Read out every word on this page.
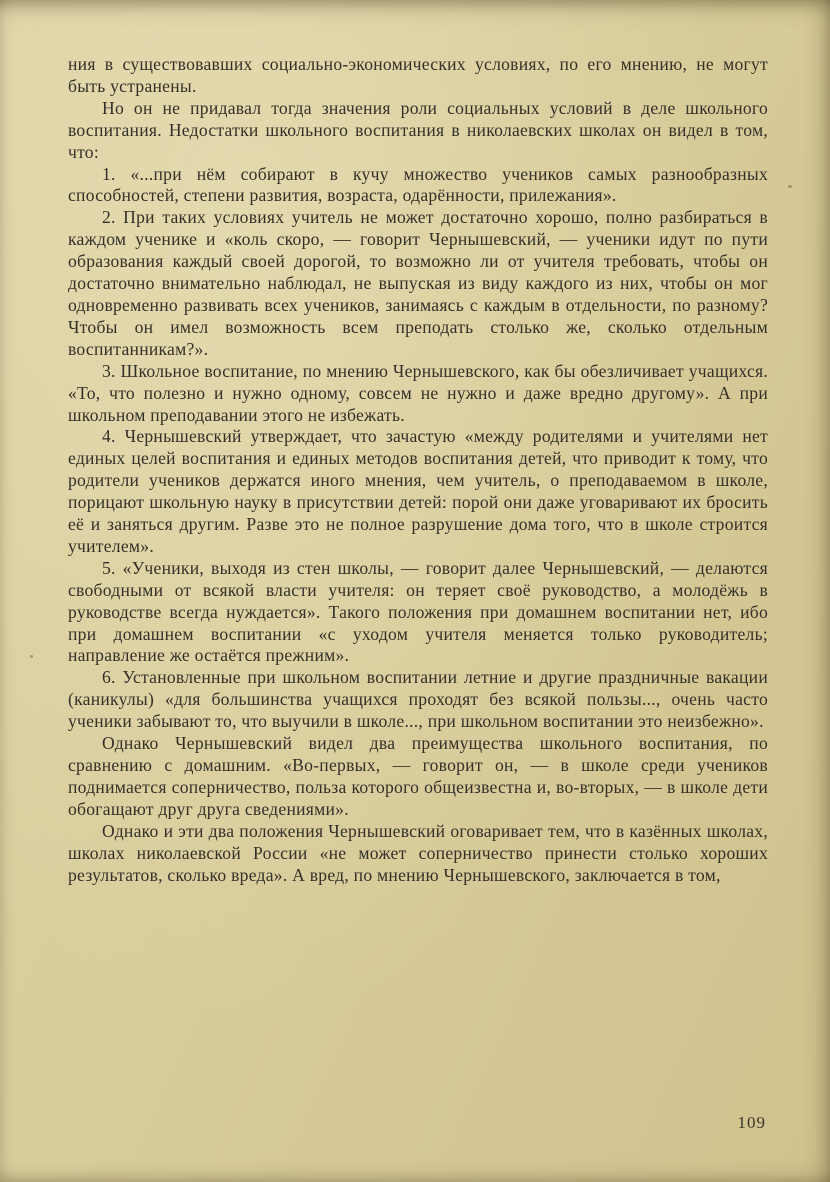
ния в существовавших социально-экономических условиях, по его мнению, не могут быть устранены.

Но он не придавал тогда значения роли социальных условий в деле школьного воспитания. Недостатки школьного воспитания в николаевских школах он видел в том, что:

1. «...при нём собирают в кучу множество учеников самых разнообразных способностей, степени развития, возраста, одарённости, прилежания».

2. При таких условиях учитель не может достаточно хорошо, полно разбираться в каждом ученике и «коль скоро, — говорит Чернышевский, — ученики идут по пути образования каждый своей дорогой, то возможно ли от учителя требовать, чтобы он достаточно внимательно наблюдал, не выпуская из виду каждого из них, чтобы он мог одновременно развивать всех учеников, занимаясь с каждым в отдельности, по разному? Чтобы он имел возможность всем преподать столько же, сколько отдельным воспитанникам?».

3. Школьное воспитание, по мнению Чернышевского, как бы обезличивает учащихся. «То, что полезно и нужно одному, совсем не нужно и даже вредно другому». А при школьном преподавании этого не избежать.

4. Чернышевский утверждает, что зачастую «между родителями и учителями нет единых целей воспитания и единых методов воспитания детей, что приводит к тому, что родители учеников держатся иного мнения, чем учитель, о преподаваемом в школе, порицают школьную науку в присутствии детей: порой они даже уговаривают их бросить её и заняться другим. Разве это не полное разрушение дома того, что в школе строится учителем».

5. «Ученики, выходя из стен школы, — говорит далее Чернышевский, — делаются свободными от всякой власти учителя: он теряет своё руководство, а молодёжь в руководстве всегда нуждается». Такого положения при домашнем воспитании нет, ибо при домашнем воспитании «с уходом учителя меняется только руководитель; направление же остаётся прежним».

6. Установленные при школьном воспитании летние и другие праздничные вакации (каникулы) «для большинства учащихся проходят без всякой пользы..., очень часто ученики забывают то, что выучили в школе..., при школьном воспитании это неизбежно».

Однако Чернышевский видел два преимущества школьного воспитания, по сравнению с домашним. «Во-первых, — говорит он, — в школе среди учеников поднимается соперничество, польза которого общеизвестна и, во-вторых, — в школе дети обогащают друг друга сведениями».

Однако и эти два положения Чернышевский оговаривает тем, что в казённых школах, школах николаевской России «не может соперничество принести столько хороших результатов, сколько вреда». А вред, по мнению Чернышевского, заключается в том,

109
